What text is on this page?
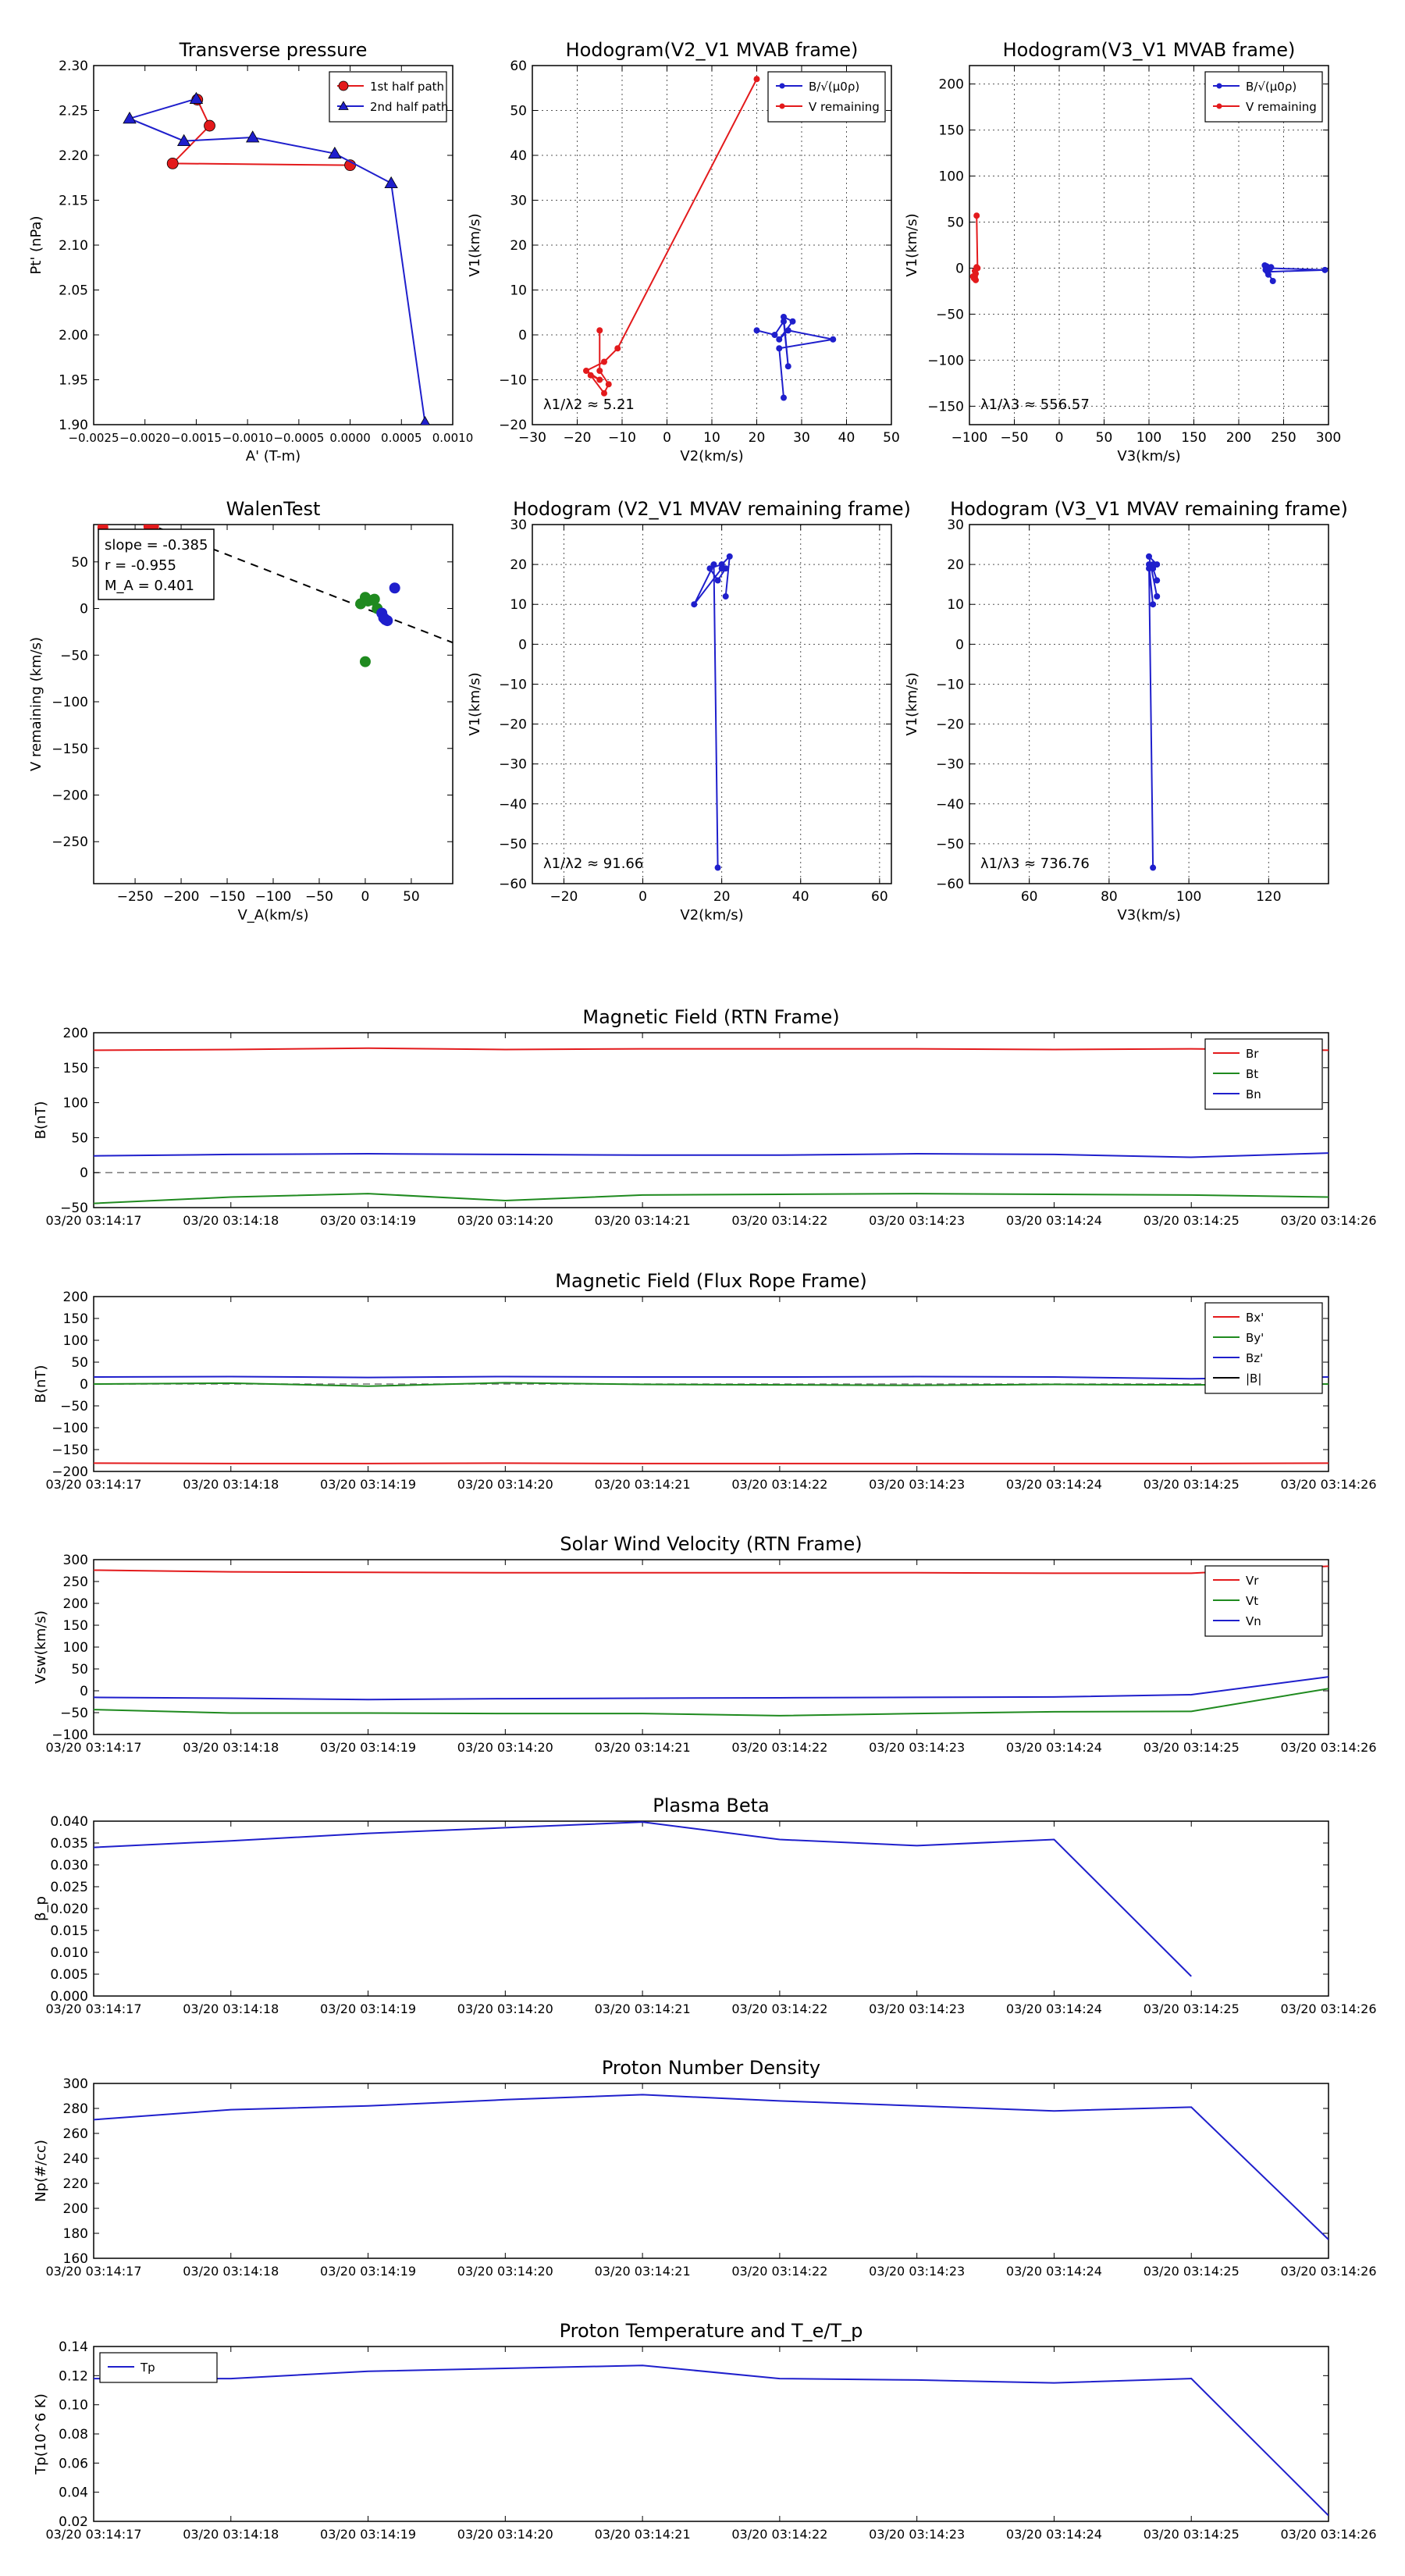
1.90
1.95
2.00
2.05
2.10
2.15
2.20
2.25
2.30
−0.0025 −0.0020 −0.0015 −0.0010 −0.0005 0.0000 0.0005 0.0010
Transverse pressure
A' (T-m)
Pt' (nPa)
1st half path
2nd half path
−20
−10
0
10
20
30
40
50
60
−30 −20 −10 0 10 20 30 40 50
Hodogram(V2_V1 MVAB frame)
V2(km/s)
V1(km/s)
λ1/λ2 ≈ 5.21
B/√(μ0ρ)
V remaining
−150
−100
−50
0
50
100
150
200
−100 −50 0 50 100 150 200 250 300
Hodogram(V3_V1 MVAB frame)
V3(km/s)
V1(km/s)
λ1/λ3 ≈ 556.57
B/√(μ0ρ)
V remaining
−250
−200
−150
−100
−50
0
50
−250 −200 −150 −100 −50 0	50
WalenTest
V_A(km/s)
V remaining (km/s)
slope = -0.385
r = -0.955
M_A = 0.401
−60
−50
−40
−30
−20
−10
0
10
20
30
−20	0	20	40	60
Hodogram (V2_V1 MVAV remaining frame)
V2(km/s)
V1(km/s)
λ1/λ2 ≈ 91.66
−60
−50
−40
−30
−20
−10
0
10
20
30
60	80	100	120
Hodogram (V3_V1 MVAV remaining frame)
V3(km/s)
V1(km/s)
λ1/λ3 ≈ 736.76
−50
0
50
100
150
200
03/20 03:14:17	03/20 03:14:18	03/20 03:14:19	03/20 03:14:20	03/20 03:14:21	03/20 03:14:22	03/20 03:14:23	03/20 03:14:24	03/20 03:14:25	03/20 03:14:26
Magnetic Field (RTN Frame)
B(nT)
Br
Bt
Bn
−200
−150
−100
−50
0
50
100
150
200
03/20 03:14:17	03/20 03:14:18	03/20 03:14:19	03/20 03:14:20	03/20 03:14:21	03/20 03:14:22	03/20 03:14:23	03/20 03:14:24	03/20 03:14:25	03/20 03:14:26
Magnetic Field (Flux Rope Frame)
B(nT)
Bx'
By'
Bz'
|B|
−100
−50
0
50
100
150
200
250
300
03/20 03:14:17	03/20 03:14:18	03/20 03:14:19	03/20 03:14:20	03/20 03:14:21	03/20 03:14:22	03/20 03:14:23	03/20 03:14:24	03/20 03:14:25	03/20 03:14:26
Solar Wind Velocity (RTN Frame)
Vsw(km/s)
Vr
Vt
Vn
0.000
0.005
0.010
0.015
0.020
0.025
0.030
0.035
0.040
03/20 03:14:17	03/20 03:14:18	03/20 03:14:19	03/20 03:14:20	03/20 03:14:21	03/20 03:14:22	03/20 03:14:23	03/20 03:14:24	03/20 03:14:25	03/20 03:14:26
Plasma Beta
β_p
160
180
200
220
240
260
280
300
03/20 03:14:17	03/20 03:14:18	03/20 03:14:19	03/20 03:14:20	03/20 03:14:21	03/20 03:14:22	03/20 03:14:23	03/20 03:14:24	03/20 03:14:25	03/20 03:14:26
Proton Number Density
Np(#/cc)
0.02
0.04
0.06
0.08
0.10
0.12
0.14
03/20 03:14:17	03/20 03:14:18	03/20 03:14:19	03/20 03:14:20	03/20 03:14:21	03/20 03:14:22	03/20 03:14:23	03/20 03:14:24	03/20 03:14:25	03/20 03:14:26
Proton Temperature and T_e/T_p
Tp(10^6 K)
Tp
